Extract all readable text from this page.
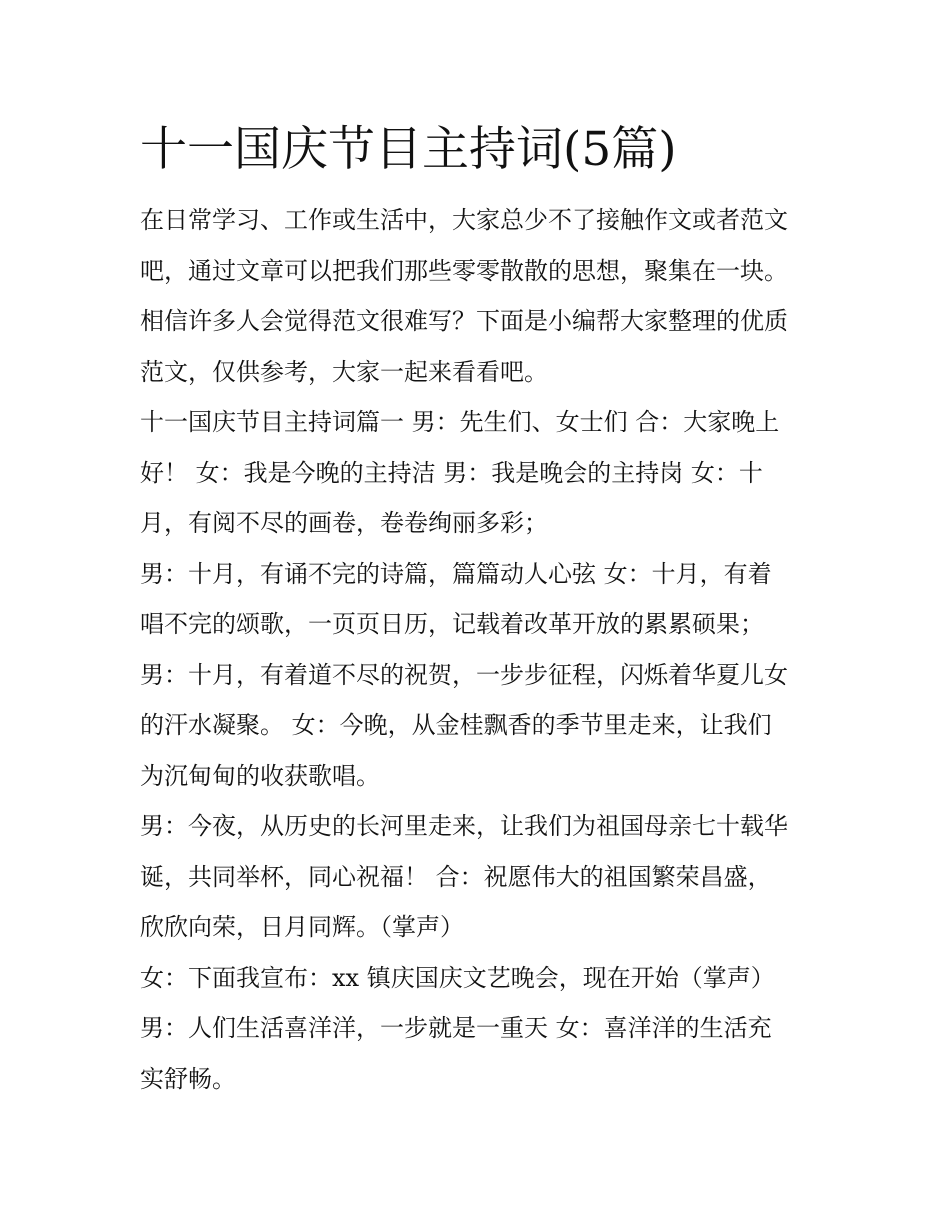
十一国庆节目主持词(5篇)
在日常学习、工作或生活中，大家总少不了接触作文或者范文
吧，通过文章可以把我们那些零零散散的思想，聚集在一块。
相信许多人会觉得范文很难写？下面是小编帮大家整理的优质
范文，仅供参考，大家一起来看看吧。
十一国庆节目主持词篇一 男：先生们、女士们 合：大家晚上
好！ 女：我是今晚的主持洁 男：我是晚会的主持岗 女：十
月，有阅不尽的画卷，卷卷绚丽多彩；
男：十月，有诵不完的诗篇，篇篇动人心弦 女：十月，有着
唱不完的颂歌，一页页日历，记载着改革开放的累累硕果；
男：十月，有着道不尽的祝贺，一步步征程，闪烁着华夏儿女
的汗水凝聚。 女：今晚，从金桂飘香的季节里走来，让我们
为沉甸甸的收获歌唱。
男：今夜，从历史的长河里走来，让我们为祖国母亲七十载华
诞，共同举杯，同心祝福！ 合：祝愿伟大的祖国繁荣昌盛，
欣欣向荣，日月同辉。（掌声）
女：下面我宣布：xx 镇庆国庆文艺晚会，现在开始（掌声）
男：人们生活喜洋洋，一步就是一重天 女：喜洋洋的生活充
实舒畅。
